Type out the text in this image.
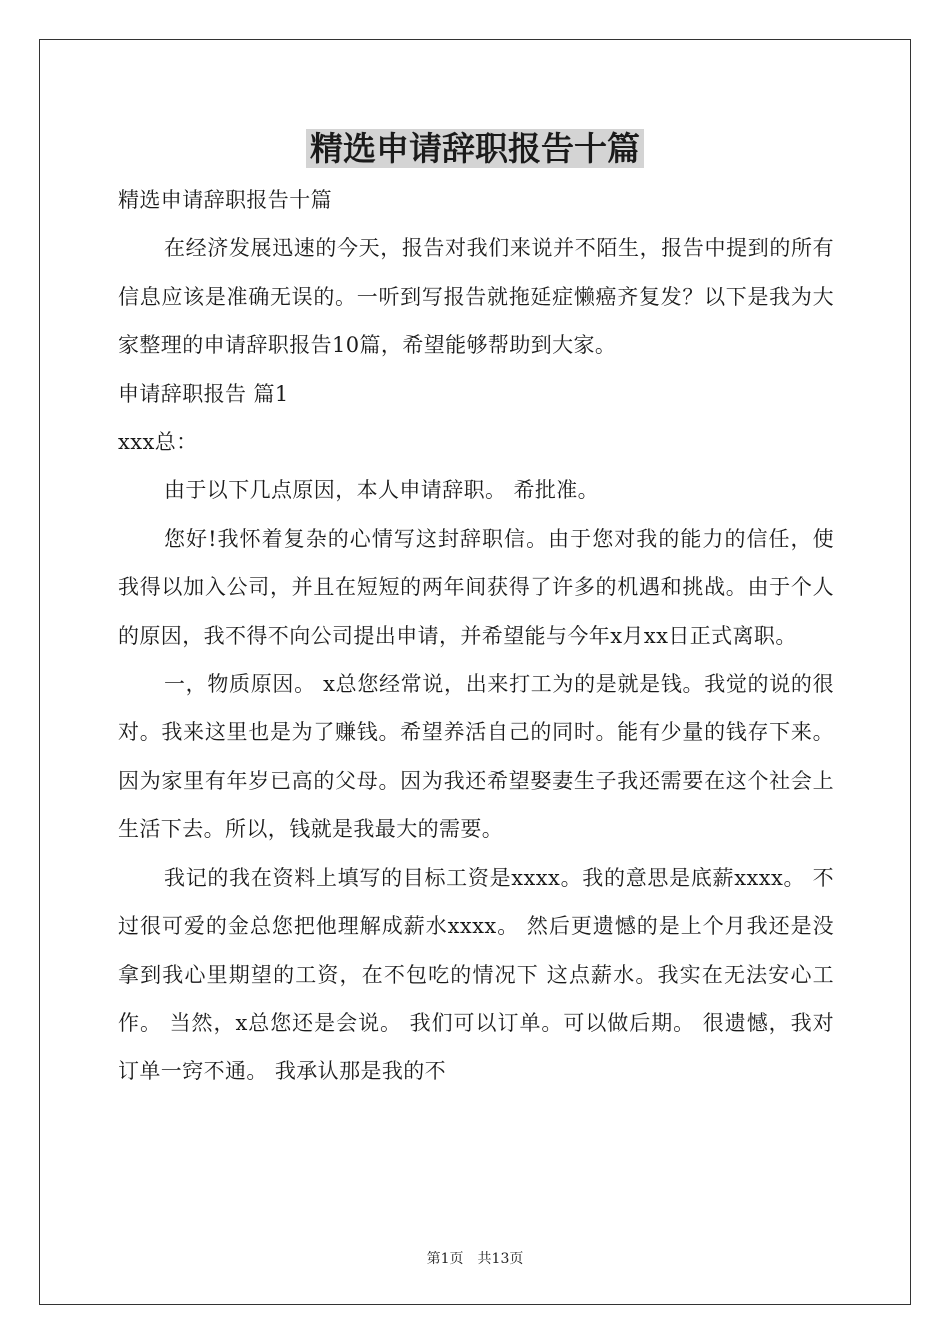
精选申请辞职报告十篇

精选申请辞职报告十篇

在经济发展迅速的今天，报告对我们来说并不陌生，报告中提到的所有信息应该是准确无误的。一听到写报告就拖延症懒癌齐复发？以下是我为大家整理的申请辞职报告10篇，希望能够帮助到大家。

申请辞职报告 篇1

xxx总：

由于以下几点原因，本人申请辞职。 希批准。

您好!我怀着复杂的心情写这封辞职信。由于您对我的能力的信任，使我得以加入公司，并且在短短的两年间获得了许多的机遇和挑战。由于个人的原因，我不得不向公司提出申请，并希望能与今年x月xx日正式离职。

一，物质原因。 x总您经常说，出来打工为的是就是钱。我觉的说的很对。我来这里也是为了赚钱。希望养活自己的同时。能有少量的钱存下来。因为家里有年岁已高的父母。因为我还希望娶妻生子我还需要在这个社会上生活下去。所以，钱就是我最大的需要。

我记的我在资料上填写的目标工资是xxxx。我的意思是底薪xxxx。 不过很可爱的金总您把他理解成薪水xxxx。 然后更遗憾的是上个月我还是没拿到我心里期望的工资，在不包吃的情况下 这点薪水。我实在无法安心工作。 当然，x总您还是会说。 我们可以订单。可以做后期。 很遗憾，我对订单一窍不通。 我承认那是我的不

第1页 共13页
